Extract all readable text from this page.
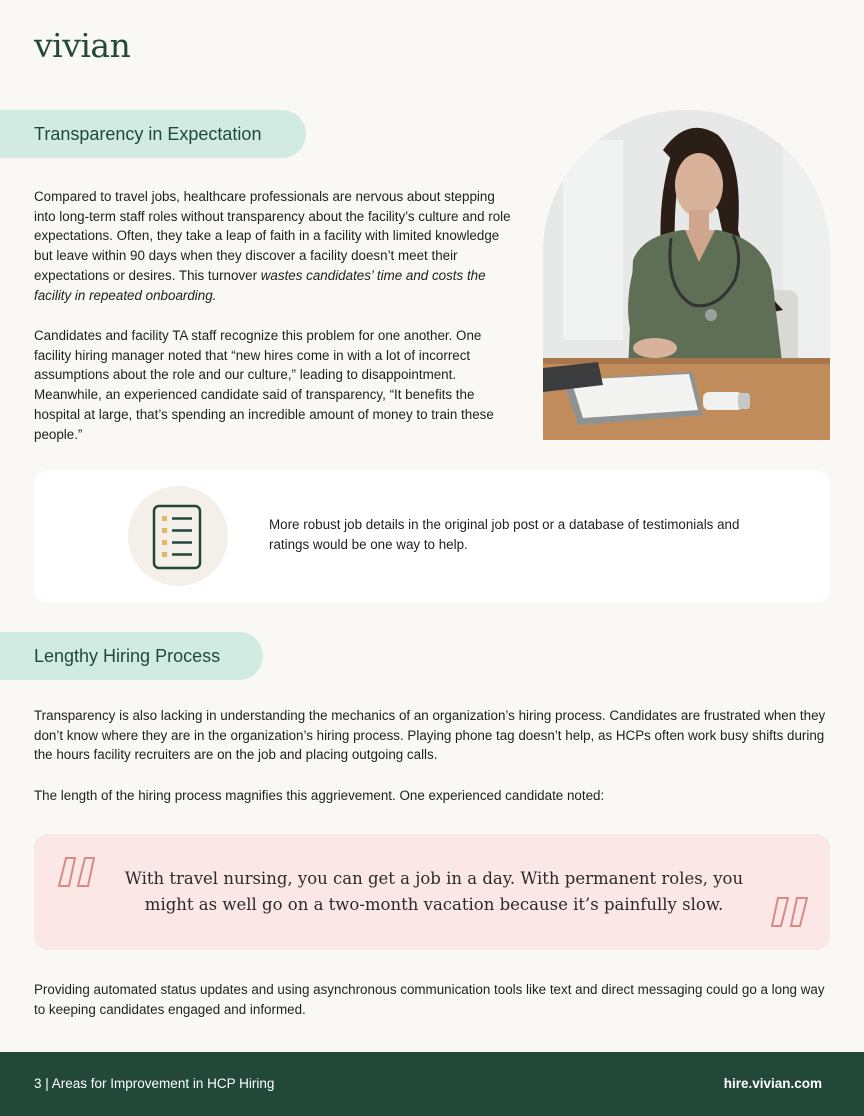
vivian
Transparency in Expectation

Compared to travel jobs, healthcare professionals are nervous about stepping into long-term staff roles without transparency about the facility’s culture and role expectations. Often, they take a leap of faith in a facility with limited knowledge but leave within 90 days when they discover a facility doesn’t meet their expectations or desires. This turnover wastes candidates’ time and costs the facility in repeated onboarding.

Candidates and facility TA staff recognize this problem for one another. One facility hiring manager noted that “new hires come in with a lot of incorrect assumptions about the role and our culture,” leading to disappointment. Meanwhile, an experienced candidate said of transparency, “It benefits the hospital at large, that’s spending an incredible amount of money to train these people.”

More robust job details in the original job post or a database of testimonials and ratings would be one way to help.
Lengthy Hiring Process

Transparency is also lacking in understanding the mechanics of an organization’s hiring process. Candidates are frustrated when they don’t know where they are in the organization’s hiring process. Playing phone tag doesn’t help, as HCPs often work busy shifts during the hours facility recruiters are on the job and placing outgoing calls.

The length of the hiring process magnifies this aggrievement. One experienced candidate noted:

With travel nursing, you can get a job in a day. With permanent roles, you might as well go on a two-month vacation because it’s painfully slow.

Providing automated status updates and using asynchronous communication tools like text and direct messaging could go a long way to keeping candidates engaged and informed.

3 | Areas for Improvement in HCP Hiring	hire.vivian.com
